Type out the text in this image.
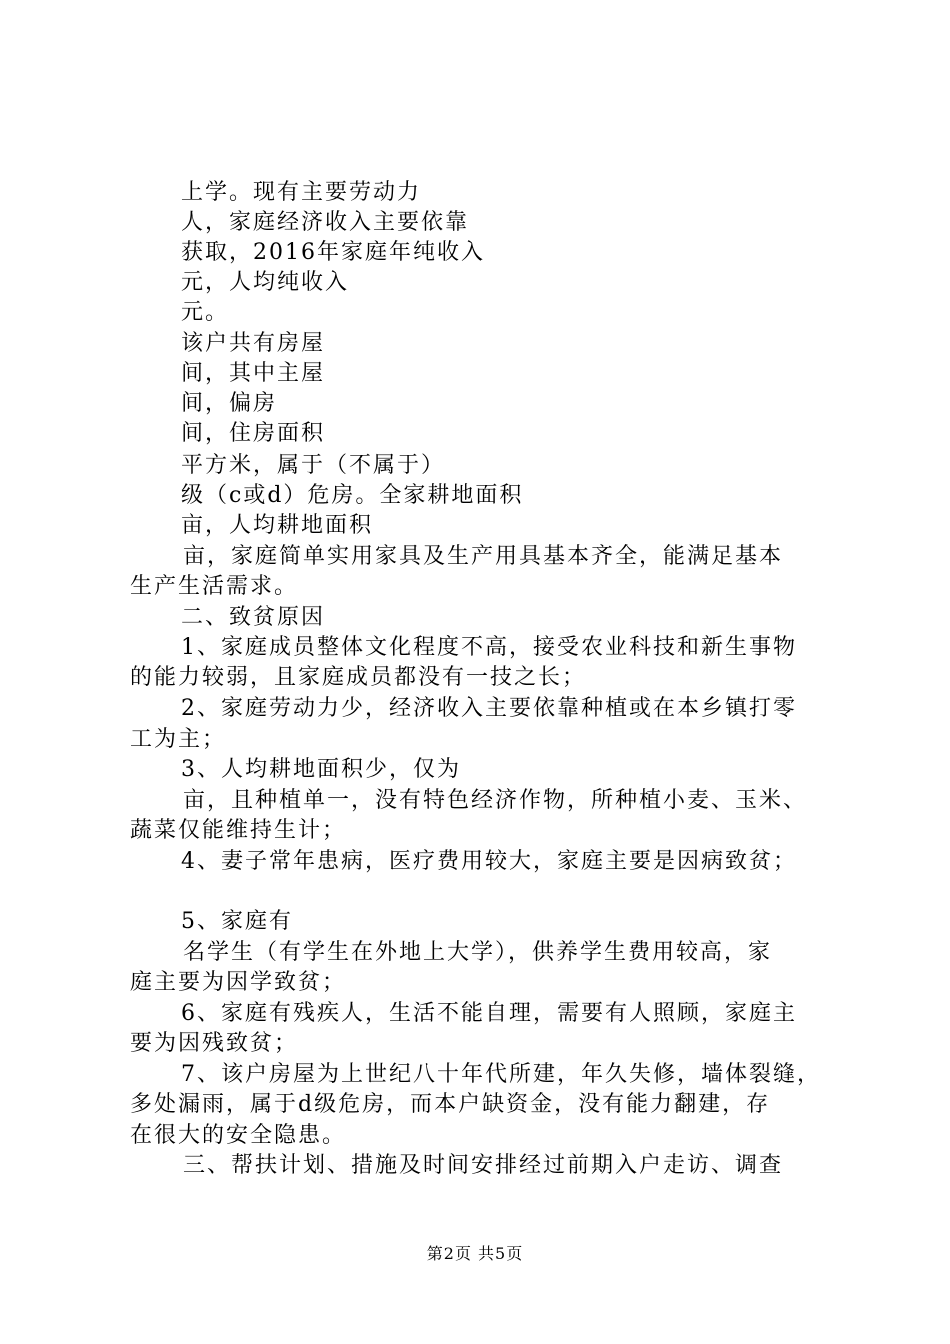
上学。现有主要劳动力
人，家庭经济收入主要依靠
获取，2016年家庭年纯收入
元，人均纯收入
元。
该户共有房屋
间，其中主屋
间，偏房
间，住房面积
平方米，属于（不属于）
级（c或d）危房。全家耕地面积
亩，人均耕地面积
亩，家庭简单实用家具及生产用具基本齐全，能满足基本
生产生活需求。
二、致贫原因
1、家庭成员整体文化程度不高，接受农业科技和新生事物
的能力较弱，且家庭成员都没有一技之长；
2、家庭劳动力少，经济收入主要依靠种植或在本乡镇打零
工为主；
3、人均耕地面积少，仅为
亩，且种植单一，没有特色经济作物，所种植小麦、玉米、
蔬菜仅能维持生计；
4、妻子常年患病，医疗费用较大，家庭主要是因病致贫；
5、家庭有
名学生（有学生在外地上大学），供养学生费用较高，家
庭主要为因学致贫；
6、家庭有残疾人，生活不能自理，需要有人照顾，家庭主
要为因残致贫；
7、该户房屋为上世纪八十年代所建，年久失修，墙体裂缝，
多处漏雨，属于d级危房，而本户缺资金，没有能力翻建，存
在很大的安全隐患。
三、帮扶计划、措施及时间安排经过前期入户走访、调查
第2页 共5页
